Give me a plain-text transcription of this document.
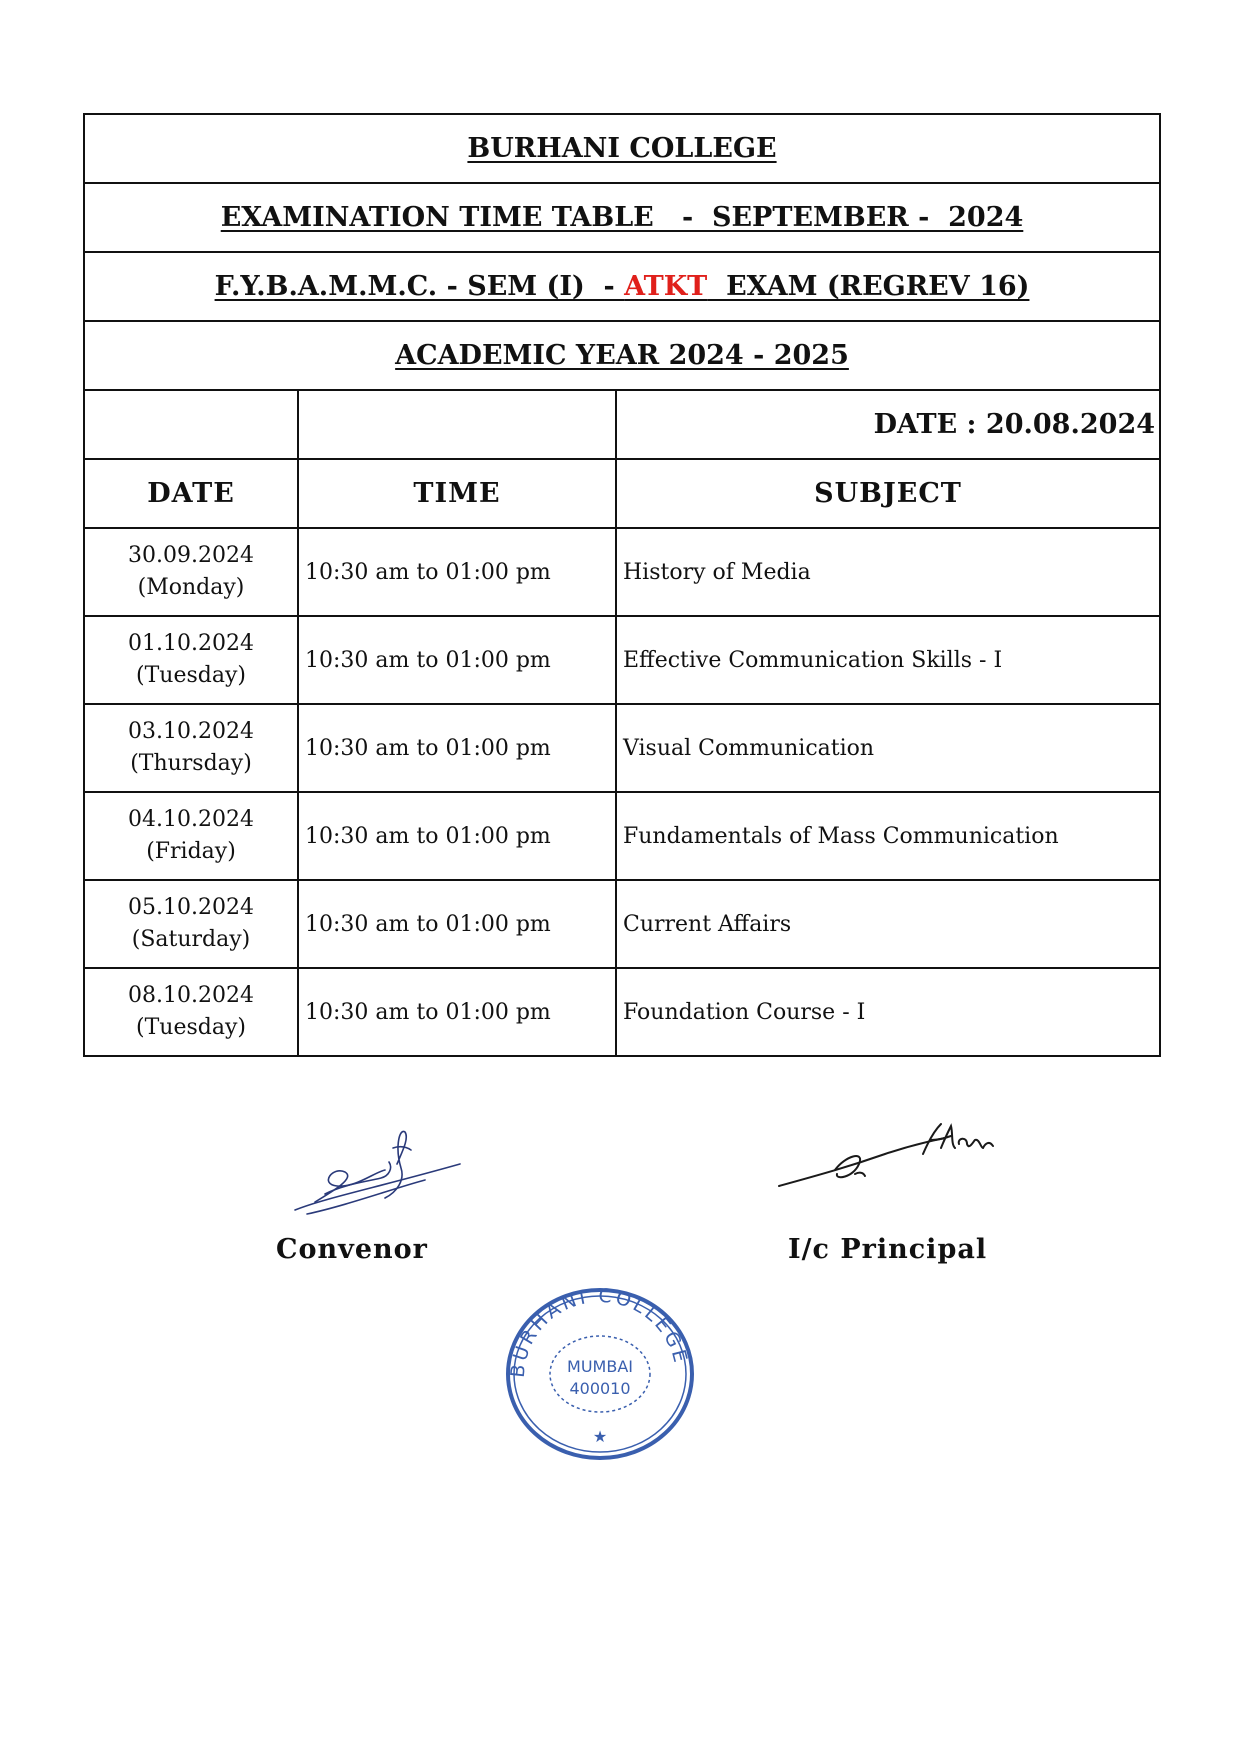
BURHANI COLLEGE		
EXAMINATION TIME TABLE   -  SEPTEMBER -  2024		
F.Y.B.A.M.M.C. - SEM (I)  - ATKT  EXAM (REGREV 16)		
ACADEMIC YEAR 2024 - 2025		
		DATE : 20.08.2024
DATE	TIME	SUBJECT
30.09.2024
(Monday)	10:30 am to 01:00 pm	History of Media
01.10.2024
(Tuesday)	10:30 am to 01:00 pm	Effective Communication Skills - I
03.10.2024
(Thursday)	10:30 am to 01:00 pm	Visual Communication
04.10.2024
(Friday)	10:30 am to 01:00 pm	Fundamentals of Mass Communication
05.10.2024
(Saturday)	10:30 am to 01:00 pm	Current Affairs
08.10.2024
(Tuesday)	10:30 am to 01:00 pm	Foundation Course - I
Convenor	I/c Principal
BURHANI COLLEGE
MUMBAI
400010
★
